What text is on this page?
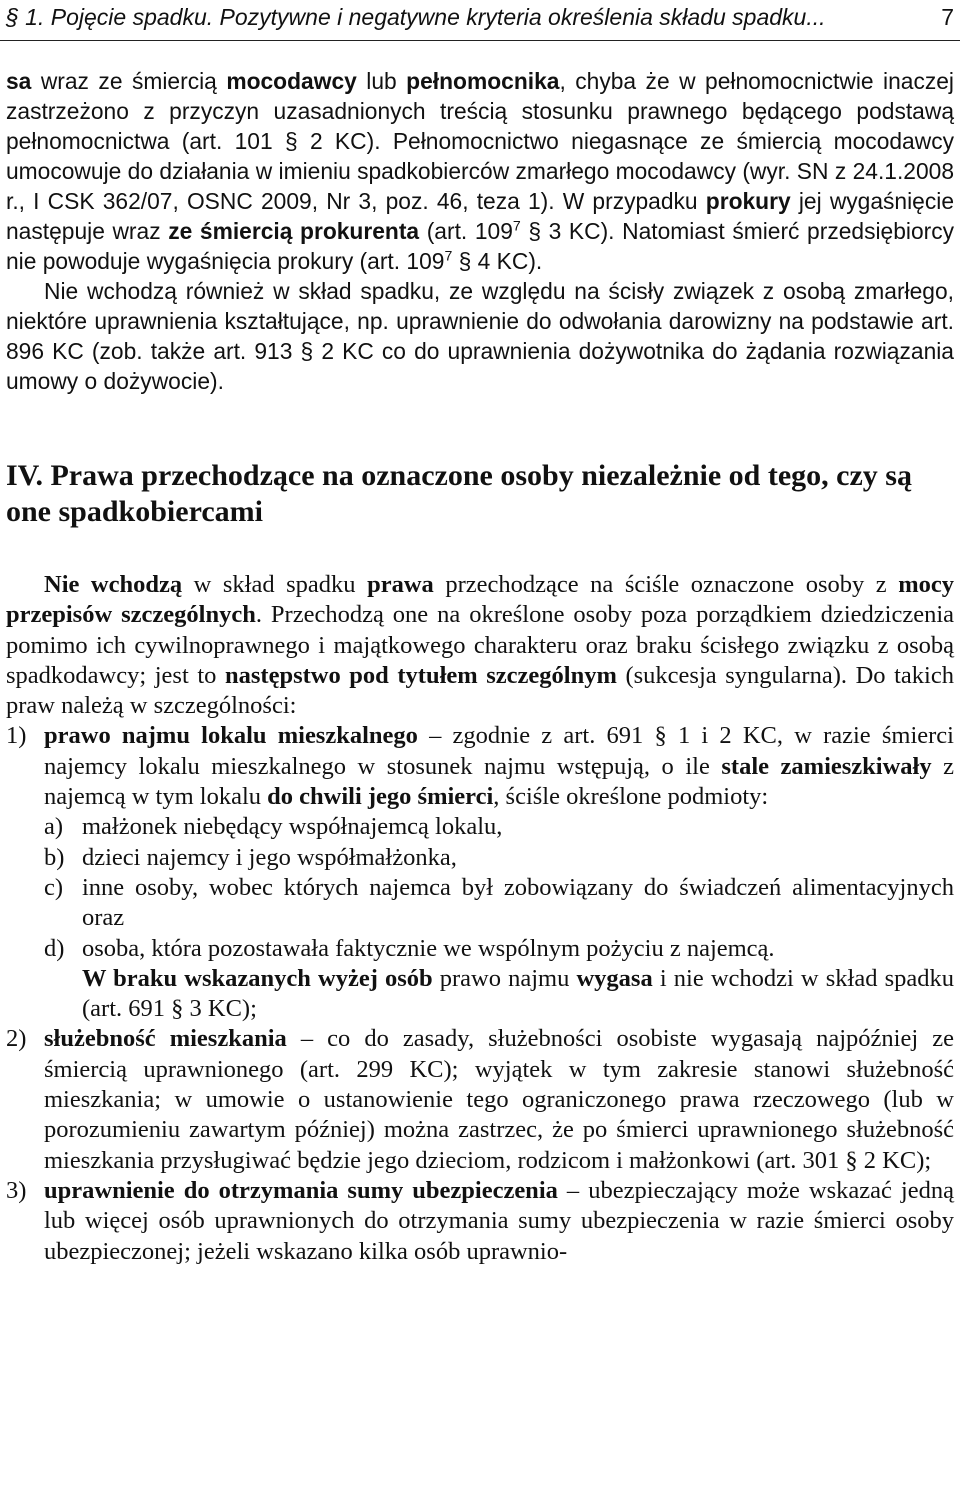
§ 1. Pojęcie spadku. Pozytywne i negatywne kryteria określenia składu spadku...	7

sa wraz ze śmiercią mocodawcy lub pełnomocnika, chyba że w pełnomocnictwie inaczej zastrzeżono z przyczyn uzasadnionych treścią stosunku prawnego będącego podstawą pełnomocnictwa (art. 101 § 2 KC). Pełnomocnictwo niegasnące ze śmiercią mocodawcy umocowuje do działania w imieniu spadkobierców zmarłego mocodawcy (wyr. SN z 24.1.2008 r., I CSK 362/07, OSNC 2009, Nr 3, poz. 46, teza 1). W przypadku prokury jej wygaśnięcie następuje wraz ze śmiercią prokurenta (art. $109^7$ § 3 KC). Natomiast śmierć przedsiębiorcy nie powoduje wygaśnięcia prokury (art. $109^7$ § 4 KC).

Nie wchodzą również w skład spadku, ze względu na ścisły związek z osobą zmarłego, niektóre uprawnienia kształtujące, np. uprawnienie do odwołania darowizny na podstawie art. 896 KC (zob. także art. 913 § 2 KC co do uprawnienia dożywotnika do żądania rozwiązania umowy o dożywocie).

IV. Prawa przechodzące na oznaczone osoby niezależnie od tego, czy są one spadkobiercami

Nie wchodzą w skład spadku prawa przechodzące na ściśle oznaczone osoby z mocy przepisów szczególnych. Przechodzą one na określone osoby poza porządkiem dziedziczenia pomimo ich cywilnoprawnego i majątkowego charakteru oraz braku ścisłego związku z osobą spadkodawcy; jest to następstwo pod tytułem szczególnym (sukcesja syngularna). Do takich praw należą w szczególności:

1) prawo najmu lokalu mieszkalnego – zgodnie z art. 691 § 1 i 2 KC, w razie śmierci najemcy lokalu mieszkalnego w stosunek najmu wstępują, o ile stale zamieszkiwały z najemcą w tym lokalu do chwili jego śmierci, ściśle określone podmioty:

a) małżonek niebędący współnajemcą lokalu,

b) dzieci najemcy i jego współmałżonka,

c) inne osoby, wobec których najemca był zobowiązany do świadczeń alimentacyjnych oraz

d) osoba, która pozostawała faktycznie we wspólnym pożyciu z najemcą.

W braku wskazanych wyżej osób prawo najmu wygasa i nie wchodzi w skład spadku (art. 691 § 3 KC);

2) służebność mieszkania – co do zasady, służebności osobiste wygasają najpóźniej ze śmiercią uprawnionego (art. 299 KC); wyjątek w tym zakresie stanowi służebność mieszkania; w umowie o ustanowienie tego ograniczonego prawa rzeczowego (lub w porozumieniu zawartym później) można zastrzec, że po śmierci uprawnionego służebność mieszkania przysługiwać będzie jego dzieciom, rodzicom i małżonkowi (art. 301 § 2 KC);

3) uprawnienie do otrzymania sumy ubezpieczenia – ubezpieczający może wskazać jedną lub więcej osób uprawnionych do otrzymania sumy ubezpieczenia w razie śmierci osoby ubezpieczonej; jeżeli wskazano kilka osób uprawnio-
